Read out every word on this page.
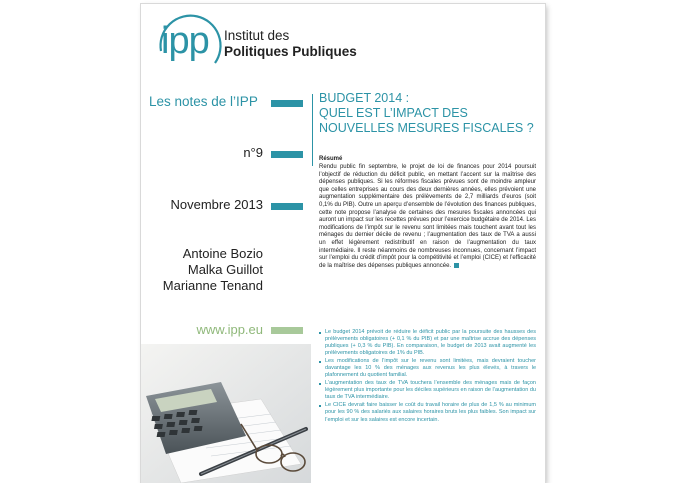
ipp Institut des
Politiques Publiques
Les notes de l’IPP
n°9
Novembre 2013
Antoine Bozio
Malka Guillot
Marianne Tenand
www.ipp.eu
BUDGET 2014 :
QUEL EST L’IMPACT DES
NOUVELLES MESURES FISCALES ?
Résumé
Rendu public fin septembre, le projet de loi de finances pour 2014 poursuit l’objectif de réduction du déficit public, en mettant l’accent sur la maîtrise des dépenses publiques. Si les réformes fiscales prévues sont de moindre ampleur que celles entreprises au cours des deux dernières années, elles prévoient une augmentation supplémentaire des prélèvements de 2,7 milliards d’euros (soit 0,1% du PIB). Outre un aperçu d’ensemble de l’évolution des finances publiques, cette note propose l’analyse de certaines des mesures fiscales annoncées qui auront un impact sur les recettes prévues pour l’exercice budgétaire de 2014. Les modifications de l’impôt sur le revenu sont limitées mais touchent avant tout les ménages du dernier décile de revenu ; l’augmentation des taux de TVA a aussi un effet légèrement redistributif en raison de l’augmentation du taux intermédiaire. Il reste néanmoins de nombreuses inconnues, concernant l’impact sur l’emploi du crédit d’impôt pour la compétitivité et l’emploi (CICE) et l’efficacité de la maîtrise des dépenses publiques annoncée.
Le budget 2014 prévoit de réduire le déficit public par la poursuite des hausses des prélèvements obligatoires (+ 0,1 % du PIB) et par une maîtrise accrue des dépenses publiques (+ 0,3 % du PIB). En comparaison, le budget de 2013 avait augmenté les prélèvements obligatoires de 1% du PIB.
Les modifications de l’impôt sur le revenu sont limitées, mais devraient toucher davantage les 10 % des ménages aux revenus les plus élevés, à travers le plafonnement du quotient familial.
L’augmentation des taux de TVA touchera l’ensemble des ménages mais de façon légèrement plus importante pour les déciles supérieurs en raison de l’augmentation du taux de TVA intermédiaire.
Le CICE devrait faire baisser le coût du travail horaire de plus de 1,5 % au minimum pour les 90 % des salariés aux salaires horaires bruts les plus faibles. Son impact sur l’emploi et sur les salaires est encore incertain.
